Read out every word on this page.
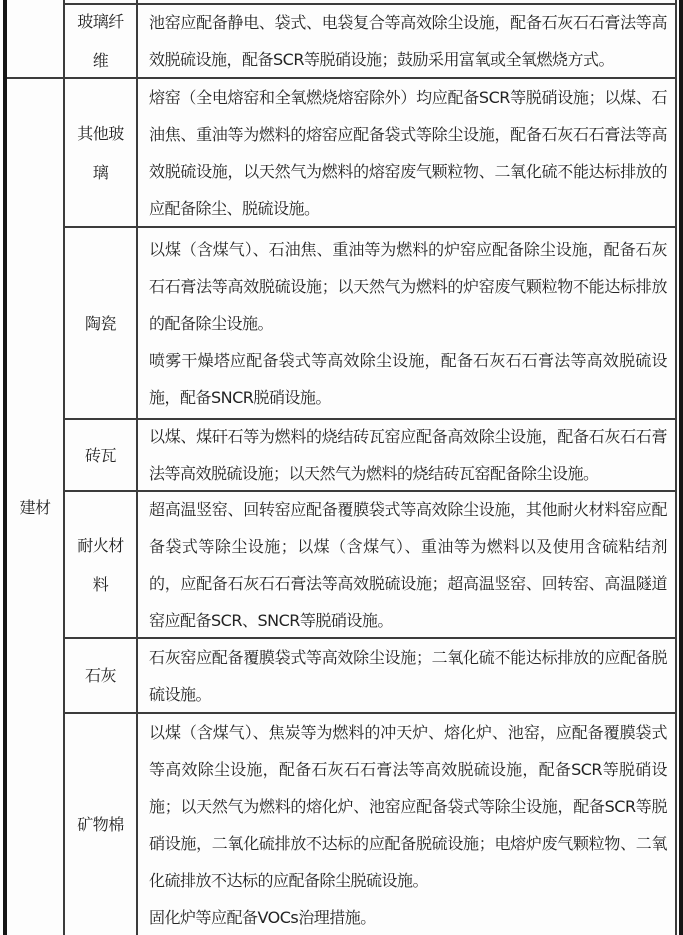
建材
玻璃纤维

池窑应配备静电、袋式、电袋复合等高效除尘设施，配备石灰石石膏法等高效脱硫设施，配备SCR等脱硝设施；鼓励采用富氧或全氧燃烧方式。

其他玻璃

熔窑（全电熔窑和全氧燃烧熔窑除外）均应配备SCR等脱硝设施；以煤、石油焦、重油等为燃料的熔窑应配备袋式等除尘设施，配备石灰石石膏法等高效脱硫设施，以天然气为燃料的熔窑废气颗粒物、二氧化硫不能达标排放的应配备除尘、脱硫设施。

陶瓷

以煤（含煤气）、石油焦、重油等为燃料的炉窑应配备除尘设施，配备石灰石石膏法等高效脱硫设施；以天然气为燃料的炉窑废气颗粒物不能达标排放的配备除尘设施。

喷雾干燥塔应配备袋式等高效除尘设施，配备石灰石石膏法等高效脱硫设施，配备SNCR脱硝设施。

砖瓦

以煤、煤矸石等为燃料的烧结砖瓦窑应配备高效除尘设施，配备石灰石石膏法等高效脱硫设施；以天然气为燃料的烧结砖瓦窑配备除尘设施。

耐火材料

超高温竖窑、回转窑应配备覆膜袋式等高效除尘设施，其他耐火材料窑应配备袋式等除尘设施；以煤（含煤气）、重油等为燃料以及使用含硫粘结剂的，应配备石灰石石膏法等高效脱硫设施；超高温竖窑、回转窑、高温隧道窑应配备SCR、SNCR等脱硝设施。

石灰

石灰窑应配备覆膜袋式等高效除尘设施；二氧化硫不能达标排放的应配备脱硫设施。

矿物棉

以煤（含煤气）、焦炭等为燃料的冲天炉、熔化炉、池窑，应配备覆膜袋式等高效除尘设施，配备石灰石石膏法等高效脱硫设施，配备SCR等脱硝设施；以天然气为燃料的熔化炉、池窑应配备袋式等除尘设施，配备SCR等脱硝设施，二氧化硫排放不达标的应配备脱硫设施；电熔炉废气颗粒物、二氧化硫排放不达标的应配备除尘脱硫设施。

固化炉等应配备VOCs治理措施。
